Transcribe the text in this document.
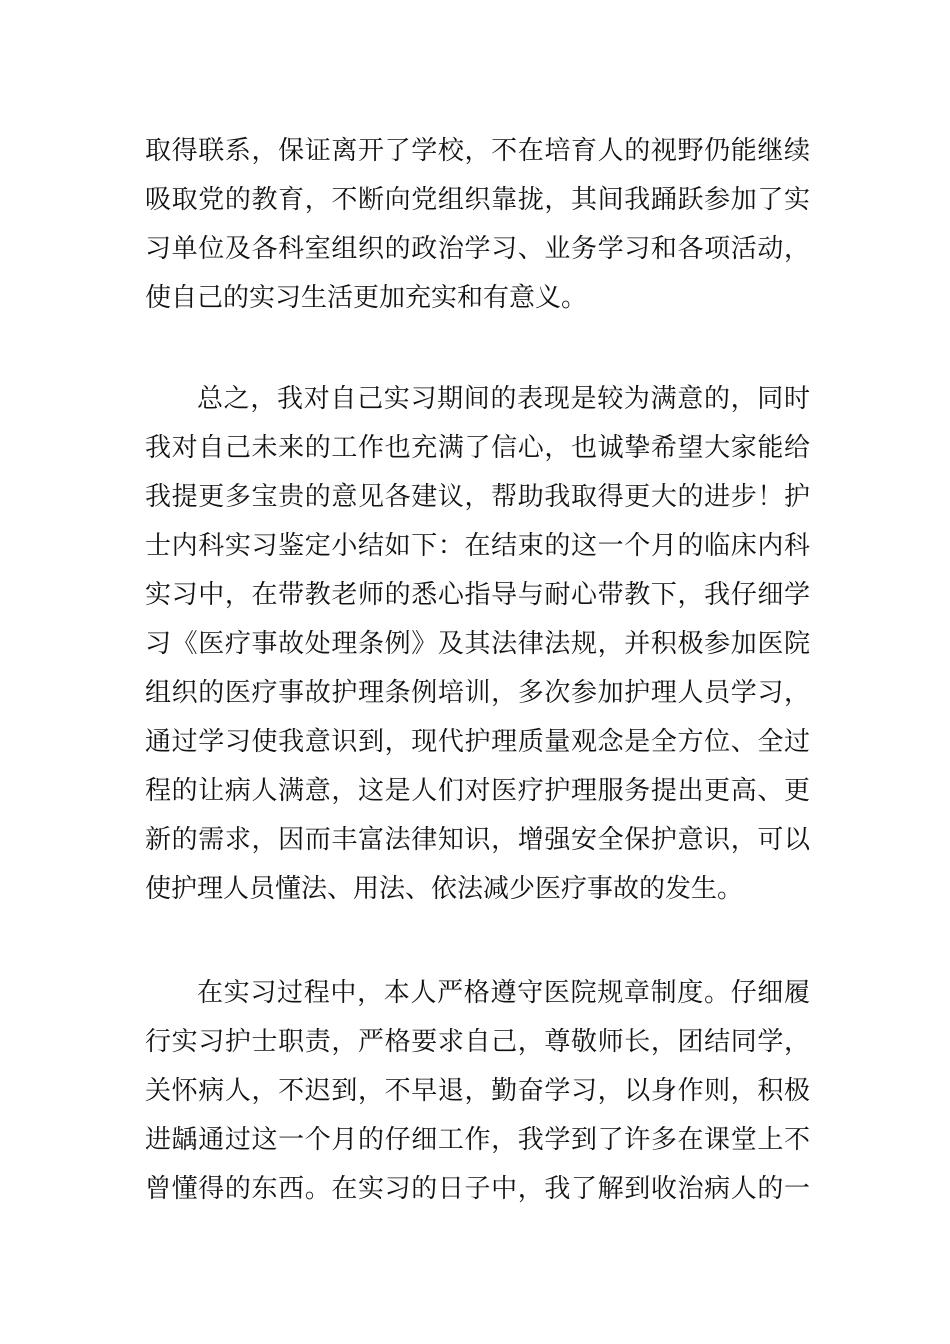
取得联系，保证离开了学校，不在培育人的视野仍能继续
吸取党的教育，不断向党组织靠拢，其间我踊跃参加了实
习单位及各科室组织的政治学习、业务学习和各项活动，
使自己的实习生活更加充实和有意义。
总之，我对自己实习期间的表现是较为满意的，同时
我对自己未来的工作也充满了信心，也诚挚希望大家能给
我提更多宝贵的意见各建议，帮助我取得更大的进步！护
士内科实习鉴定小结如下：在结束的这一个月的临床内科
实习中，在带教老师的悉心指导与耐心带教下，我仔细学
习《医疗事故处理条例》及其法律法规，并积极参加医院
组织的医疗事故护理条例培训，多次参加护理人员学习，
通过学习使我意识到，现代护理质量观念是全方位、全过
程的让病人满意，这是人们对医疗护理服务提出更高、更
新的需求，因而丰富法律知识，增强安全保护意识，可以
使护理人员懂法、用法、依法减少医疗事故的发生。
在实习过程中，本人严格遵守医院规章制度。仔细履
行实习护士职责，严格要求自己，尊敬师长，团结同学，
关怀病人，不迟到，不早退，勤奋学习，以身作则，积极
进龋通过这一个月的仔细工作，我学到了许多在课堂上不
曾懂得的东西。在实习的日子中，我了解到收治病人的一
